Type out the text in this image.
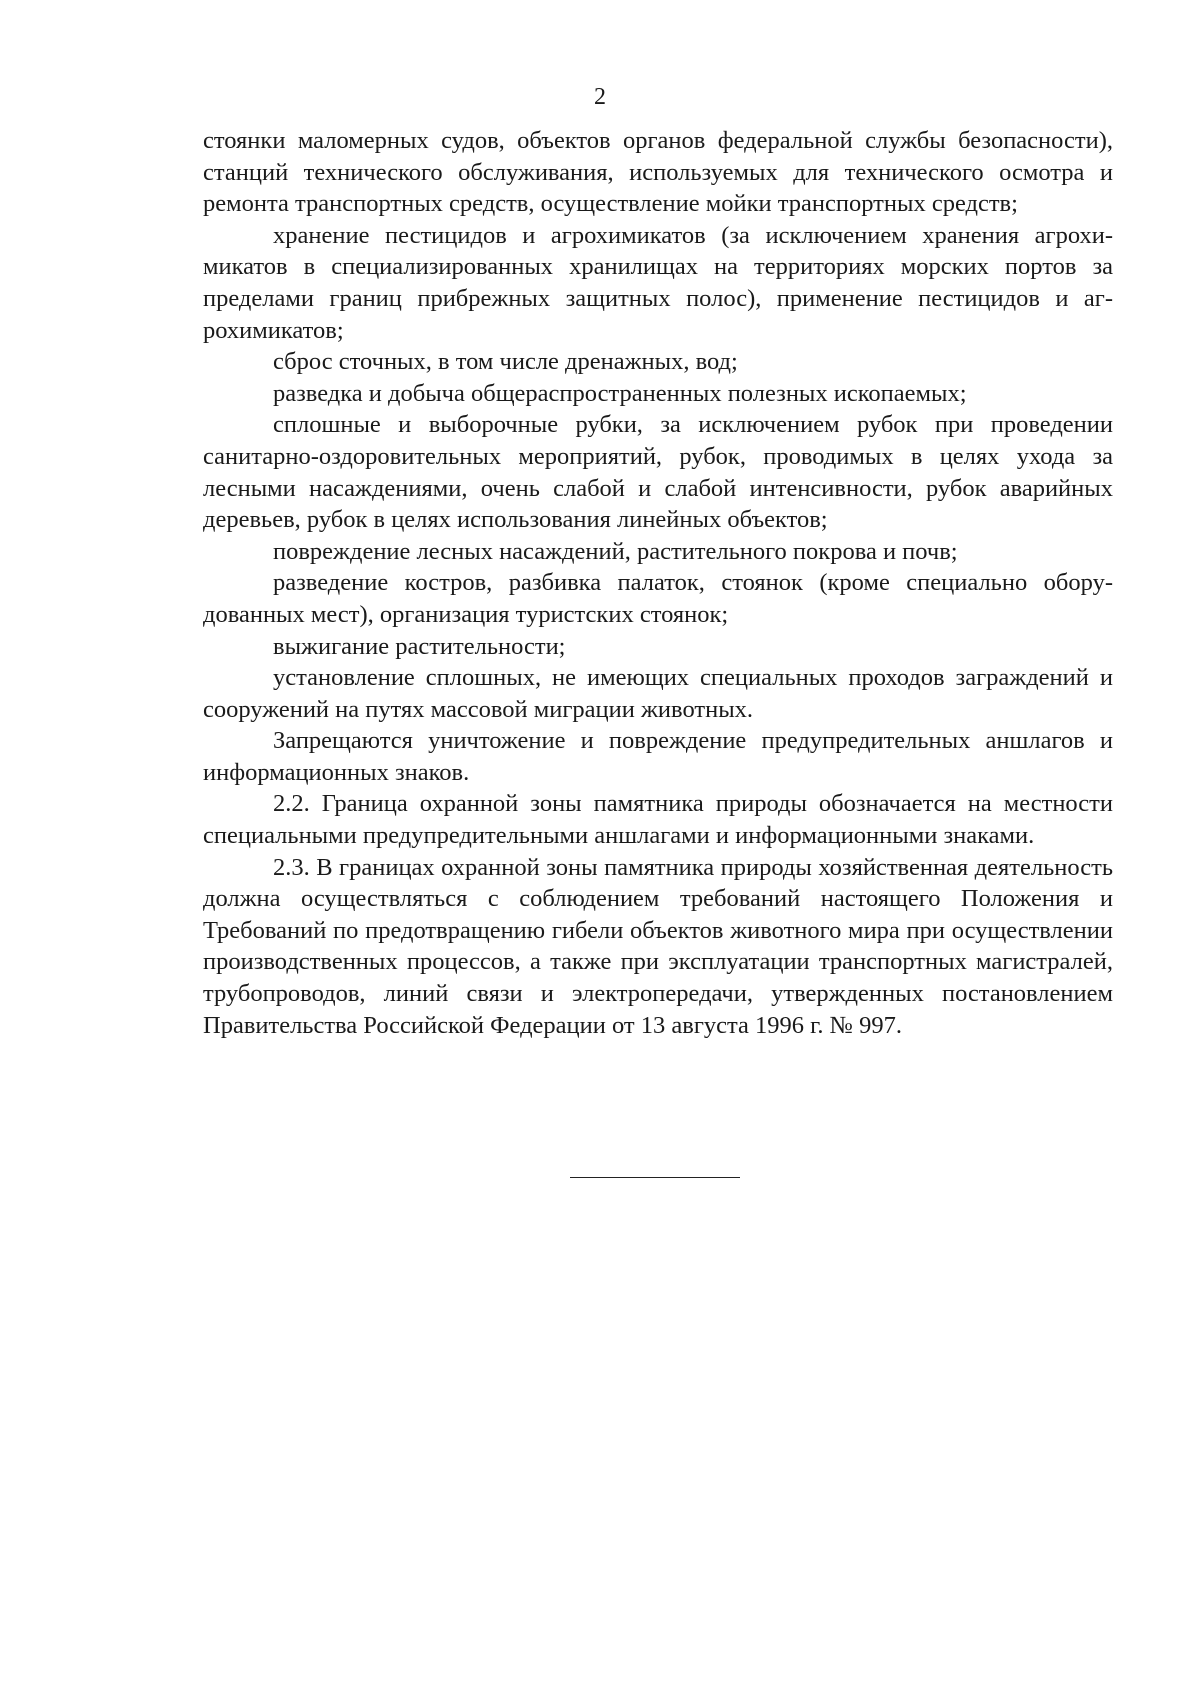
2

стоянки маломерных судов, объектов органов федеральной службы безопасности), станций технического обслуживания, используемых для технического осмотра и ремонта транспортных средств, осуществление мойки транспортных средств;

хранение пестицидов и агрохимикатов (за исключением хранения агрохимикатов в специализированных хранилищах на территориях морских портов за пределами границ прибрежных защитных полос), применение пестицидов и агрохимикатов;

сброс сточных, в том числе дренажных, вод;

разведка и добыча общераспространенных полезных ископаемых;

сплошные и выборочные рубки, за исключением рубок при проведении санитарно-оздоровительных мероприятий, рубок, проводимых в целях ухода за лесными насаждениями, очень слабой и слабой интенсивности, рубок аварийных деревьев, рубок в целях использования линейных объектов;

повреждение лесных насаждений, растительного покрова и почв;

разведение костров, разбивка палаток, стоянок (кроме специально оборудованных мест), организация туристских стоянок;

выжигание растительности;

установление сплошных, не имеющих специальных проходов заграждений и сооружений на путях массовой миграции животных.

Запрещаются уничтожение и повреждение предупредительных аншлагов и информационных знаков.

2.2. Граница охранной зоны памятника природы обозначается на местности специальными предупредительными аншлагами и информационными знаками.

2.3. В границах охранной зоны памятника природы хозяйственная деятельность должна осуществляться с соблюдением требований настоящего Положения и Требований по предотвращению гибели объектов животного мира при осуществлении производственных процессов, а также при эксплуатации транспортных магистралей, трубопроводов, линий связи и электропередачи, утвержденных постановлением Правительства Российской Федерации от 13 августа 1996 г. № 997.
